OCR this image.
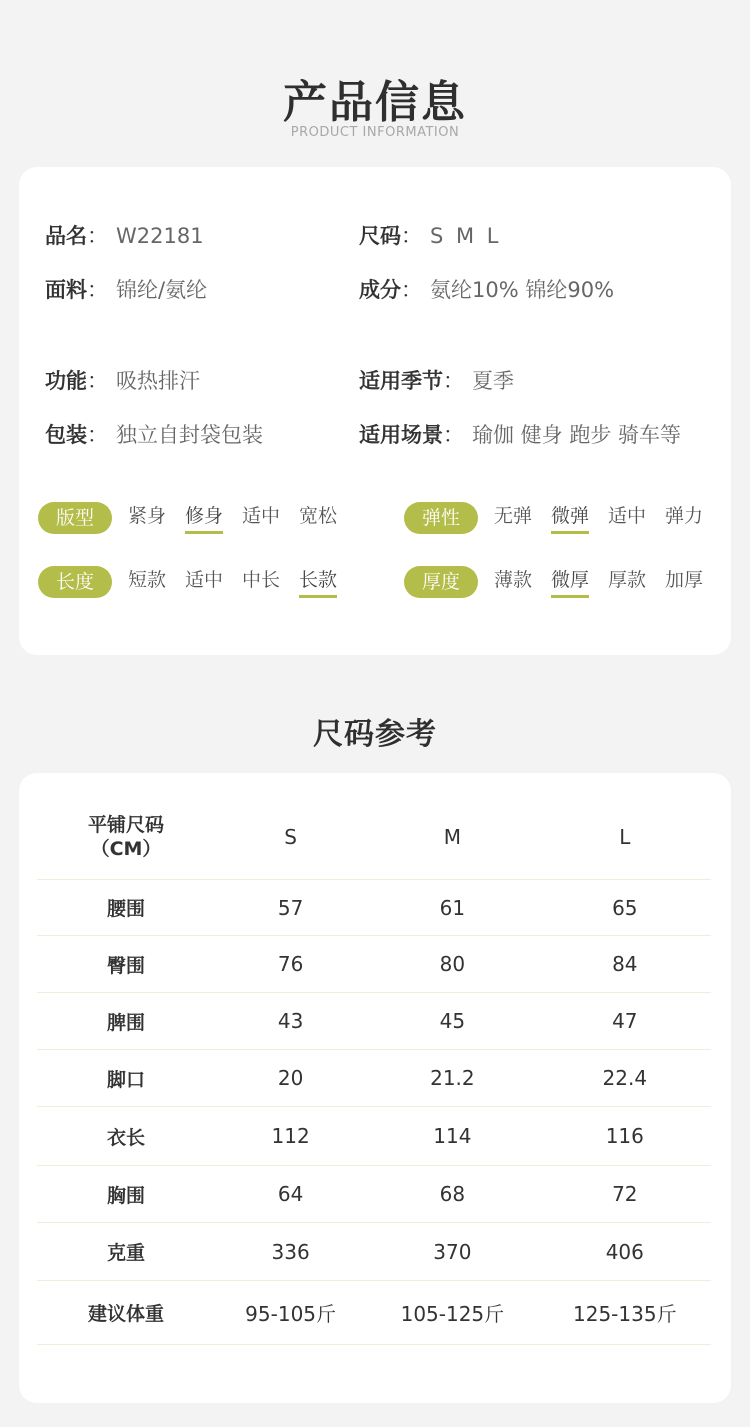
产品信息
PRODUCT INFORMATION
品名： W22181	尺码： S M L
面料： 锦纶/氨纶	成分： 氨纶10% 锦纶90%
功能： 吸热排汗	适用季节： 夏季
包装： 独立自封袋包装	适用场景： 瑜伽 健身 跑步 骑车等
版型	紧身 修身 适中 宽松	弹性	无弹 微弹 适中 弹力
长度	短款 适中 中长 长款	厚度	薄款 微厚 厚款 加厚
尺码参考
平铺尺码
（CM）	S	M	L
腰围	57	61	65
臀围	76	80	84
脾围	43	45	47
脚口	20	21.2	22.4
衣长	112	114	116
胸围	64	68	72
克重	336	370	406
建议体重	95-105斤	105-125斤	125-135斤
